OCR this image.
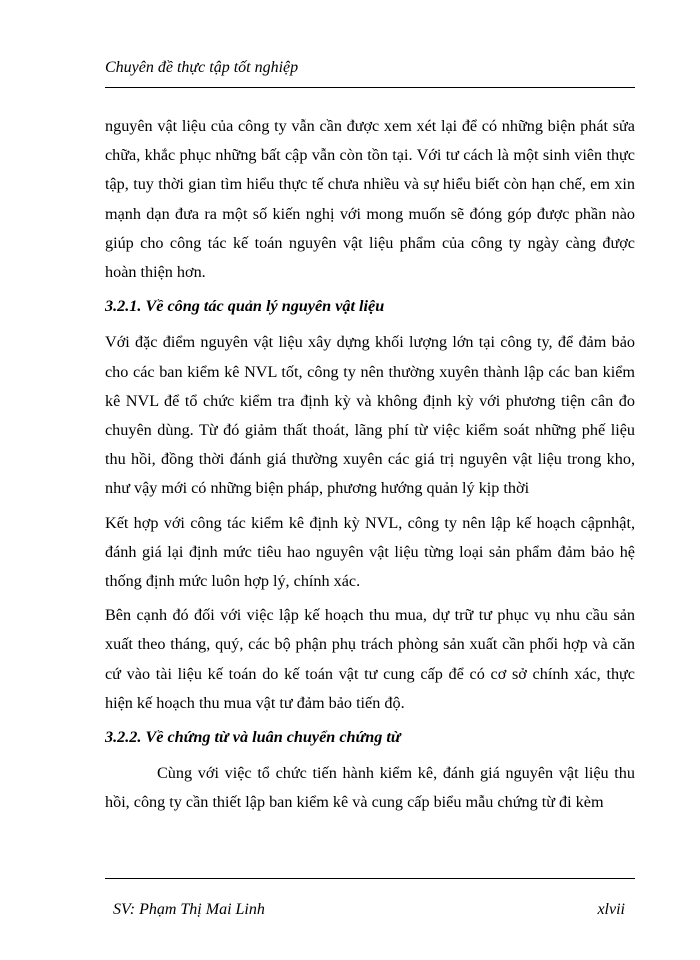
Chuyên đề thực tập tốt nghiệp

nguyên vật liệu của công ty vẫn cần được xem xét lại để có những biện phát sửa chữa, khắc phục những bất cập vẫn còn tồn tại. Với tư cách là một sinh viên thực tập, tuy thời gian tìm hiểu thực tế chưa nhiều và sự hiểu biết còn hạn chế, em xin mạnh dạn đưa ra một số kiến nghị với mong muốn sẽ đóng góp được phần nào giúp cho công tác kế toán nguyên vật liệu phẩm của công ty ngày càng được hoàn thiện hơn.

3.2.1. Về công tác quản lý nguyên vật liệu

Với đặc điểm nguyên vật liệu xây dựng khối lượng lớn tại công ty, để đảm bảo cho các ban kiểm kê NVL tốt, công ty nên thường xuyên thành lập các ban kiểm kê NVL để tổ chức kiểm tra định kỳ và không định kỳ với phương tiện cân đo chuyên dùng. Từ đó giảm thất thoát, lãng phí từ việc kiểm soát những phế liệu thu hồi, đồng thời đánh giá thường xuyên các giá trị nguyên vật liệu trong kho, như vậy mới có những biện pháp, phương hướng quản lý kịp thời

Kết hợp với công tác kiểm kê định kỳ NVL, công ty nên lập kế hoạch cậpnhật, đánh giá lại định mức tiêu hao nguyên vật liệu từng loại sản phẩm đảm bảo hệ thống định mức luôn hợp lý, chính xác.

Bên cạnh đó đối với việc lập kế hoạch thu mua, dự trữ tư phục vụ nhu cầu sản xuất theo tháng, quý, các bộ phận phụ trách phòng sản xuất cần phối hợp và căn cứ vào tài liệu kế toán do kế toán vật tư cung cấp để có cơ sở chính xác, thực hiện kế hoạch thu mua vật tư đảm bảo tiến độ.

3.2.2. Về chứng từ và luân chuyển chứng từ

Cùng với việc tổ chức tiến hành kiểm kê, đánh giá nguyên vật liệu thu hồi, công ty cần thiết lập ban kiểm kê và cung cấp biểu mẫu chứng từ đi kèm

SV: Phạm Thị Mai Linh	xlvii
